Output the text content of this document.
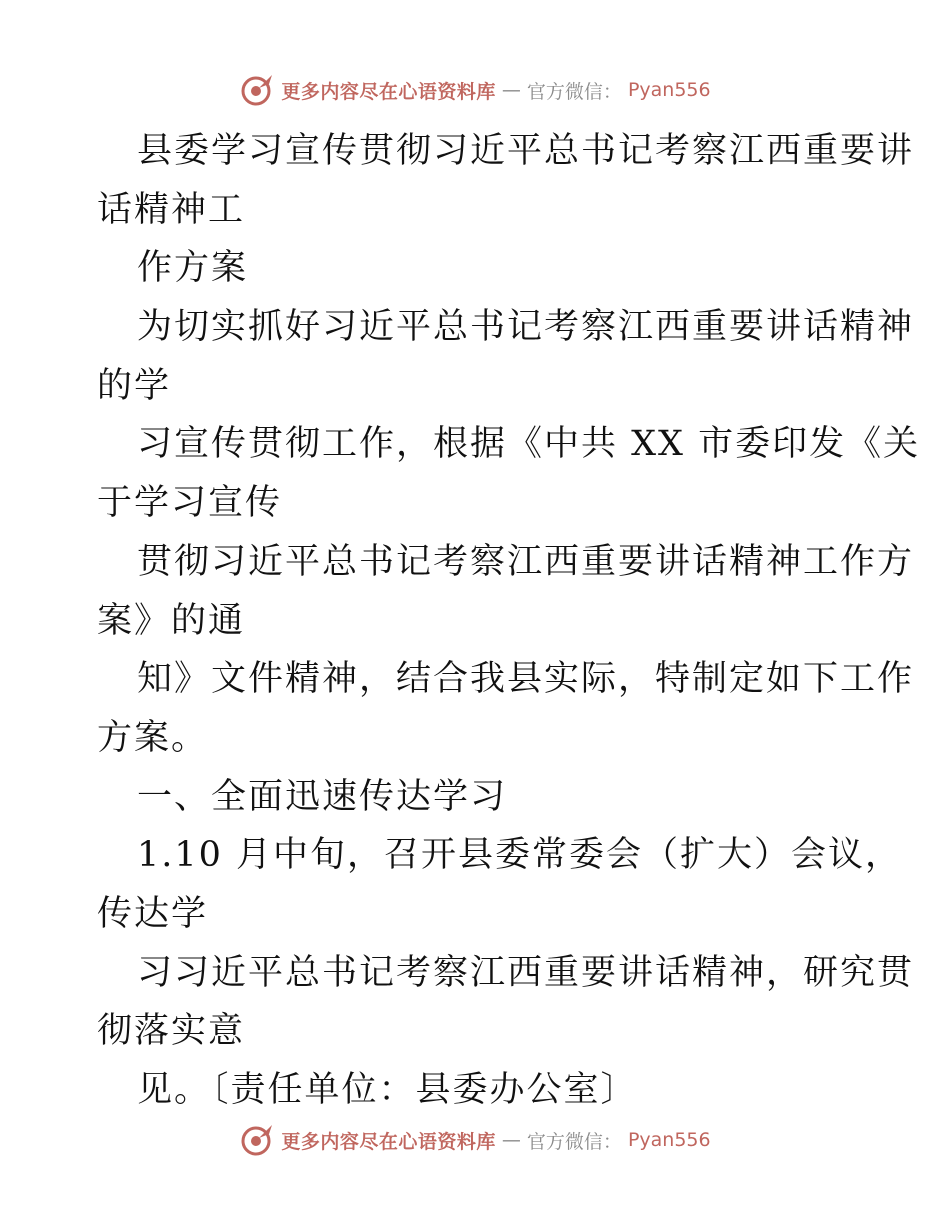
更多内容尽在心语资料库 — 官方微信： Pyan556
县委学习宣传贯彻习近平总书记考察江西重要讲
话精神工
作方案
为切实抓好习近平总书记考察江西重要讲话精神
的学
习宣传贯彻工作，根据《中共 XX 市委印发《关
于学习宣传
贯彻习近平总书记考察江西重要讲话精神工作方
案》的通
知》文件精神，结合我县实际，特制定如下工作
方案。
一、全面迅速传达学习
1.10 月中旬，召开县委常委会（扩大）会议，
传达学
习习近平总书记考察江西重要讲话精神，研究贯
彻落实意
见。〔责任单位：县委办公室〕
更多内容尽在心语资料库 — 官方微信： Pyan556
